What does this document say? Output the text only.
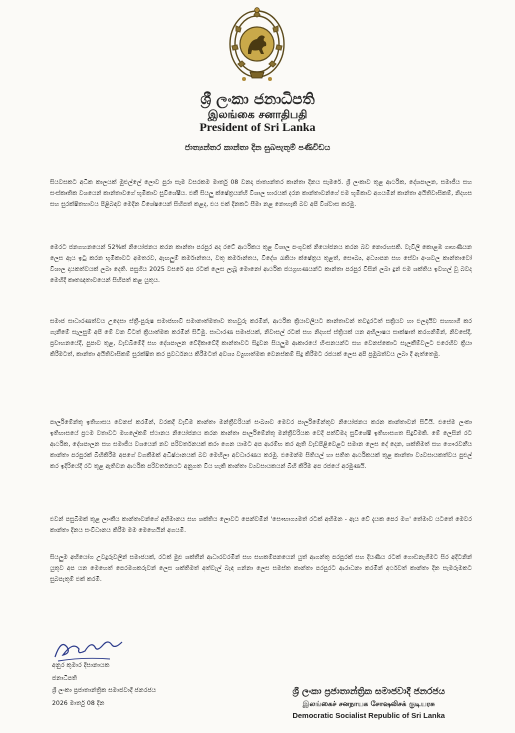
ශ්‍රී ලංකා ජනාධිපති
இலங்கை சனாதிபதி
President of Sri Lanka
ජාත්‍යන්තර කාන්තා දින සුබපැතුම් පණිවිඩය

සියවසකට අධික කාලයක් මුළුල්ලේ ලොව පුරා සෑම වසරකම මාර්තු 08 වනදා ජාත්‍යන්තර කාන්තා දිනය සැමරේ. ශ්‍රී ලංකාව තුළ ආර්ථික, දේශපාලන, සමාජීය සහ සංස්කෘතික වශයෙන් කාන්තාවගේ භූමිකාව සුවිශේෂීය. එකී සියලු ක්ෂේත්‍රයන්හි විශාල භාරයක් දරන කාන්තාවන්ගේ එම භූමිකාව අගයමින් කාන්තා අයිතිවාසිකම්, නිදහස සහ සුරක්ෂිතභාවය පිළිබඳව මෙදින විශේෂයෙන් සිහිපත් කළද, එය එක් දිනකට සීමා නළ නොහැකි බව අපි විශ්වාස කරමු.

මෙරට ජනගහනයෙන් 52%ක් නියෝජනය කරන කාන්තා පරපුර අද රටේ ආර්ථිකය තුළ විශාල පංගුවක් නියෝජනය කරන බව නොරහසකි. වැවිලි කොළඹ ගෘහණියන ලෙස ඇය ඉටු කරන භූමිකාවට අමතරව, ඇඟලුම් කර්මාන්තය, වතු කර්මාන්තය, විදේශ රැකියා ක්ෂේත්‍රය තුළත්, සෞඛ්‍ය, අධ්‍යාපන සහ සේවා අංශවල කාන්තාවෝ විශාල දායකත්වයක් ලබා දෙති. පසුගිය 2025 වසරේ අප රටක් ලෙස ලැබූ මොනෝ ආර්ථික ජයග්‍රහණයන්ට කාන්තා පරපුර විසින් ලබා දුන් එම ශක්තිය ඉවහල් වූ බවද මෙහිදී කෘතඥතාවයෙන් සිහිපත් කළ යුතුය.

සමාජ සාධාරණත්වය උදෙසා ස්ත්‍රී-පුරුෂ සමාජභාවී සමානාත්මතාව තහවුරු කරමින්, ආර්ථික ක්‍රියාවලියට කාන්තාවන් තවදුරටත් සක්‍රියව හා එලදායීව සහභාගී කර ගැනීමේ සැලසුම් අපි මේ වන විටත් ක්‍රියාත්මක කරමින් සිටිමු. සාධාරණ සමාජයක්, නිවාසල් රටක් සහ නිදහස් ස්ත්‍රියක් යන අභිලාෂය සාක්ෂාත් කරගනිමින්, නිවසේදී, ප්‍රවාහනයේදී, පුපාව තුළ, වැඩබිමේදී සහ දේශපාලන වේදිකාවේදී කාන්තාවට සිදුවන සියලුම ආකාරයේ හිංසනයන්ට සහ වෙනස්කොට සැලකීම්වලට එරෙහිව ක්‍රියා කිරීමටත්, කාන්තා අයිතිවාසිකම් සුරක්ෂිත කර ප්‍රවර්ධනය කිරීමටත් අවශ්‍ය ව්‍යුහාත්මක වෙනස්කම් සිදු කිරීමට රජයක් ලෙස අපි ප්‍රමුඛත්වය ලබා දී ඇත්තෙමු.

පාර්ලිමේන්තු ඉතිහාසය වෙනස් කරමින්, වරකදී වැඩිම කාන්තා මන්ත්‍රීවරියන් සංඛ්‍යාව මෙවර පාර්ලිමේන්තුව නියෝජනය කරන කාන්තාවන් සිටියි. එසේම ලංකා ඉතිහාසයේ ප්‍රථම වතාවට මහලේකම් ස්ථානය නියෝජනය කරන කාන්තා පාර්ලිමේන්තු මන්ත්‍රීවරියක වෙදි පත්වීමද සුවිශේෂී ඉතිහාසගත සිදුවීමකි. මේ ලෙසින් රට ආර්ථික, දේශපාලන සහ සමාජීය වශයෙන් නව පරිවර්තනයක් කරා ගෙන යාමට අප ආරම්භ කර ඇති වැඩපිළිවෙළට සමාන ලෙස දේ දෙන, ශක්තිමත් සහ ගෞරවනීය කාන්තා පරපුරක් බිහිකිරීම අපගේ වගකීමක් අධිෂ්ඨානයක් බව මෙහිලා අවධාරණය කරමු. එමෙන්ම සිතියල් හා සතිත ආර්ථිකයක් තුළ කාන්තා ව්‍යවසායකත්වය පුළුල් කර ඉදිරියේදී රට තුළ ඇතිවන ආර්ථික පරිවර්තනයට අනුගත විය හැකි කාන්තා ව්‍යවසායකයන් බිහි කිරීම අප රජයේ අරමුණයි.

එවන් පසුබිමක් තුළ ලාංකීය කාන්තාවන්ගේ අභිමානය සහ ශක්තිය ලොවට පෙන්වමින් 'සෞභාග්‍යමත් රටක් අභිමන - ඇය වේ දැයක පෙර මග' තේමාව යටතේ මෙවර කාන්තා දිනය සංවිධානය කිරීම මම මෙහෙයින් අගයමි.

සියලුම අභියෝග උවදුරුවලින් සමාජයක්, රටක් මුළු ශක්තීන් ආධාරවරමින් සහ සහකම්පනයෙන් යුත් ආගන්තු පරපුරක් සහ දියණිය රටක් ගොඩනැගීමට සිර අදිටනින් යුතුව අප යන මෙහෙත් පෙරමගකරුවන් ලෙස ශක්තිමත් අත්වැල් බැඳ ගන්නා ලෙස සමස්ත කාන්තා පරපුරට ආරාධනා කරමින් අර්ථවත් කාන්තා දින සැමරුමකට සුබපැතුම් එක් කරමි.

අනුර කුමාර දිසානායක
ජනාධිපති
ශ්‍රී ලංකා ප්‍රජාතාන්ත්‍රික සමාජවාදී ජනරජය
2026 මාර්තු 08 දින
ශ්‍රී ලංකා ප්‍රජාතාන්ත්‍රික සමාජවාදී ජනරජය
இலங்கைச் சனநாயக சோஷலிசக் குடியரசு
Democratic Socialist Republic of Sri Lanka
